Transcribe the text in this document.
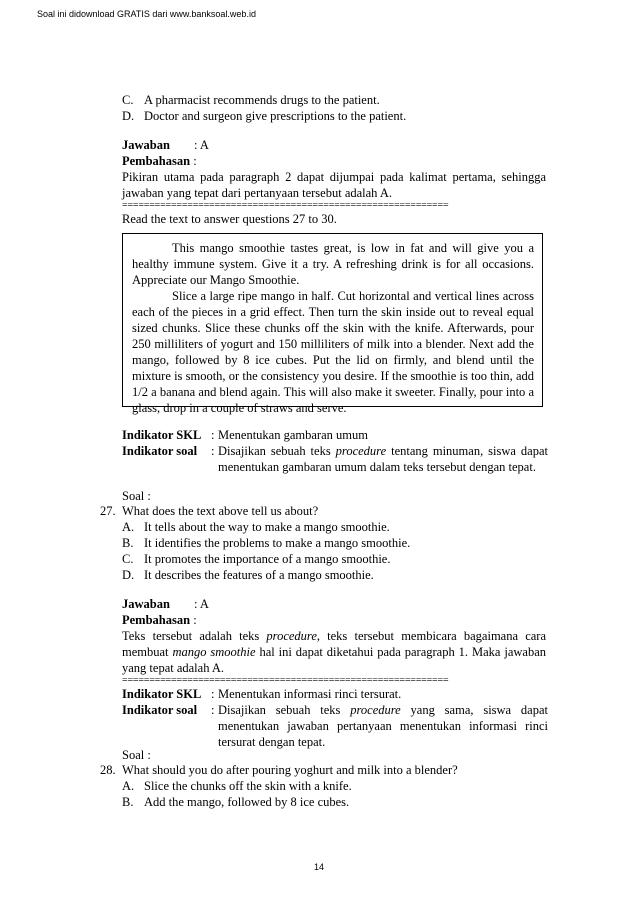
Soal ini didownload GRATIS dari www.banksoal.web.id
C. A pharmacist recommends drugs to the patient.
D. Doctor and surgeon give prescriptions to the patient.
Jawaban : A
Pembahasan :
Pikiran utama pada paragraph 2 dapat dijumpai pada kalimat pertama, sehingga jawaban yang tepat dari pertanyaan tersebut adalah A.
============================================================
Read the text to answer questions 27 to 30.

This mango smoothie tastes great, is low in fat and will give you a healthy immune system. Give it a try. A refreshing drink is for all occasions. Appreciate our Mango Smoothie.

Slice a large ripe mango in half. Cut horizontal and vertical lines across each of the pieces in a grid effect. Then turn the skin inside out to reveal equal sized chunks. Slice these chunks off the skin with the knife. Afterwards, pour 250 milliliters of yogurt and 150 milliliters of milk into a blender. Next add the mango, followed by 8 ice cubes. Put the lid on firmly, and blend until the mixture is smooth, or the consistency you desire. If the smoothie is too thin, add 1/2 a banana and blend again. This will also make it sweeter. Finally, pour into a glass, drop in a couple of straws and serve.

Indikator SKL : Menentukan gambaran umum
Indikator soal : Disajikan sebuah teks procedure tentang minuman, siswa dapat menentukan gambaran umum dalam teks tersebut dengan tepat.
Soal :
27. What does the text above tell us about?
A. It tells about the way to make a mango smoothie.
B. It identifies the problems to make a mango smoothie.
C. It promotes the importance of a mango smoothie.
D. It describes the features of a mango smoothie.
Jawaban : A
Pembahasan :
Teks tersebut adalah teks procedure, teks tersebut membicara bagaimana cara membuat mango smoothie hal ini dapat diketahui pada paragraph 1. Maka jawaban yang tepat adalah A.
============================================================
Indikator SKL : Menentukan informasi rinci tersurat.
Indikator soal : Disajikan sebuah teks procedure yang sama, siswa dapat menentukan jawaban pertanyaan menentukan informasi rinci tersurat dengan tepat.
Soal :
28. What should you do after pouring yoghurt and milk into a blender?
A. Slice the chunks off the skin with a knife.
B. Add the mango, followed by 8 ice cubes.
14
